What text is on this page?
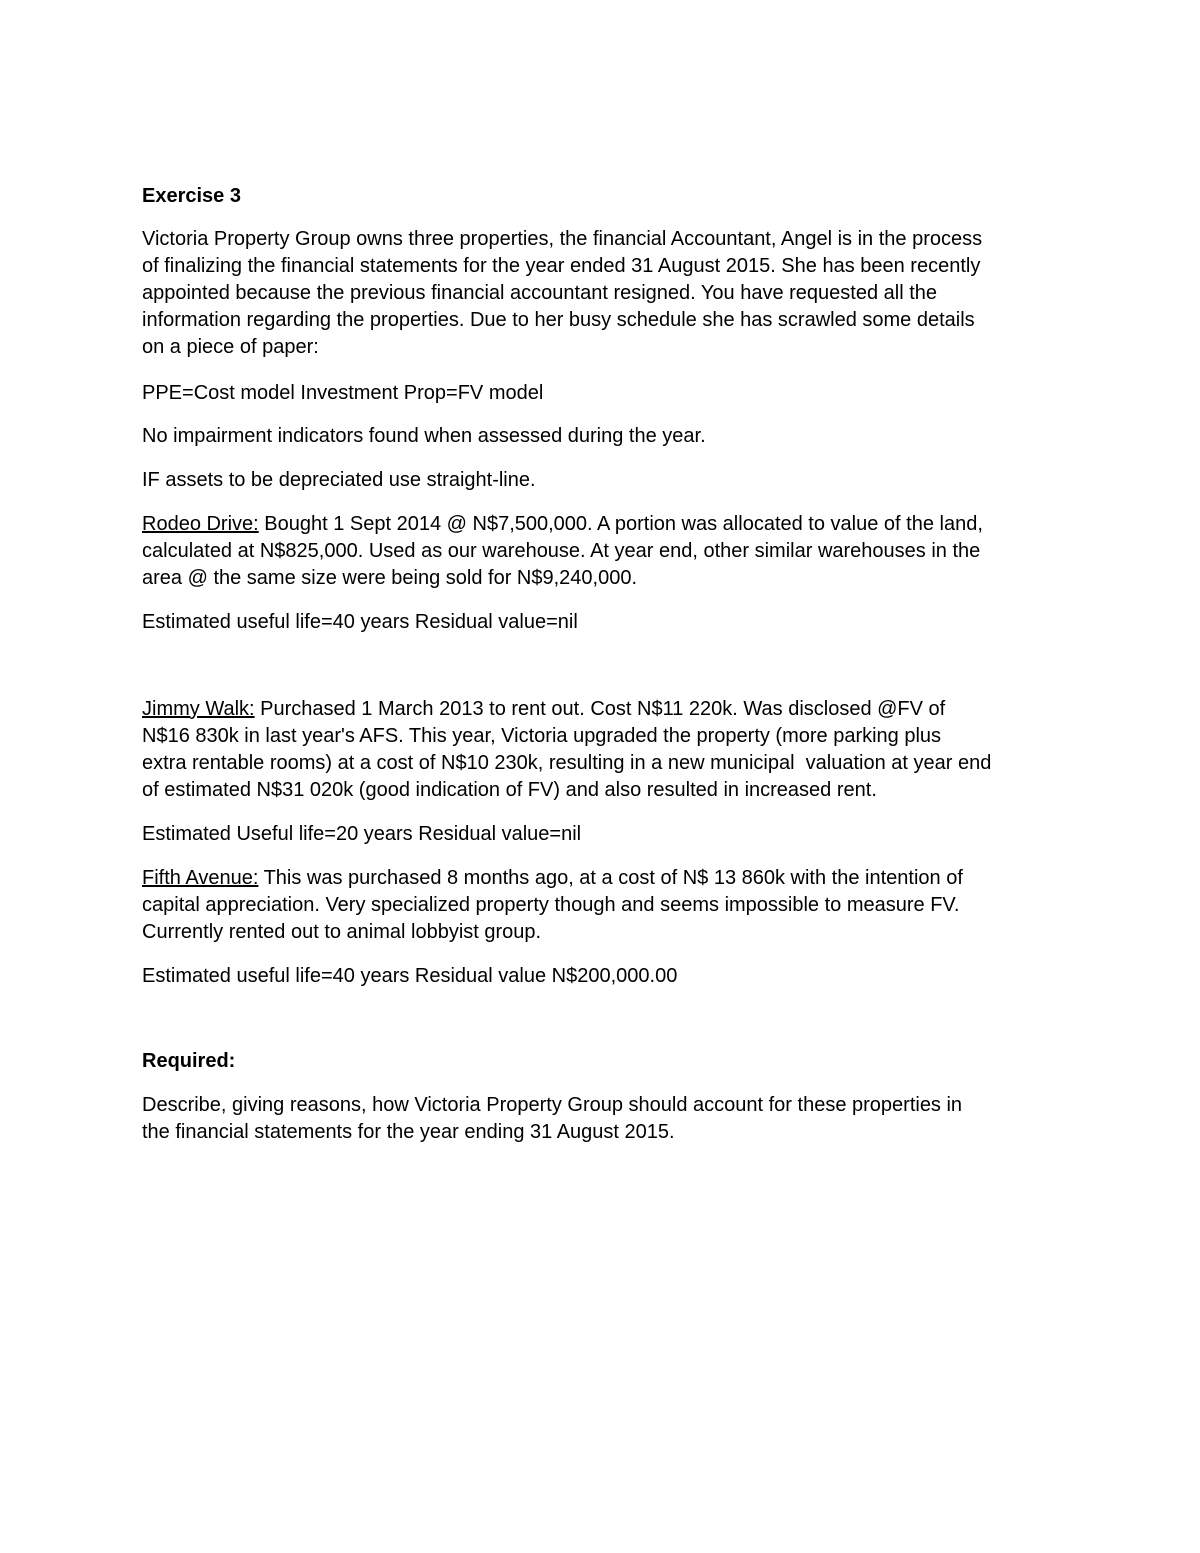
Exercise 3
Victoria Property Group owns three properties, the financial Accountant, Angel is in the process
of finalizing the financial statements for the year ended 31 August 2015. She has been recently
appointed because the previous financial accountant resigned. You have requested all the
information regarding the properties. Due to her busy schedule she has scrawled some details
on a piece of paper:
PPE=Cost model Investment Prop=FV model
No impairment indicators found when assessed during the year.
IF assets to be depreciated use straight-line.
Rodeo Drive: Bought 1 Sept 2014 @ N$7,500,000. A portion was allocated to value of the land,
calculated at N$825,000. Used as our warehouse. At year end, other similar warehouses in the
area @ the same size were being sold for N$9,240,000.
Estimated useful life=40 years Residual value=nil
Jimmy Walk: Purchased 1 March 2013 to rent out. Cost N$11 220k. Was disclosed @FV of
N$16 830k in last year's AFS. This year, Victoria upgraded the property (more parking plus
extra rentable rooms) at a cost of N$10 230k, resulting in a new municipal  valuation at year end
of estimated N$31 020k (good indication of FV) and also resulted in increased rent.
Estimated Useful life=20 years Residual value=nil
Fifth Avenue: This was purchased 8 months ago, at a cost of N$ 13 860k with the intention of
capital appreciation. Very specialized property though and seems impossible to measure FV.
Currently rented out to animal lobbyist group.
Estimated useful life=40 years Residual value N$200,000.00
Required:
Describe, giving reasons, how Victoria Property Group should account for these properties in
the financial statements for the year ending 31 August 2015.
